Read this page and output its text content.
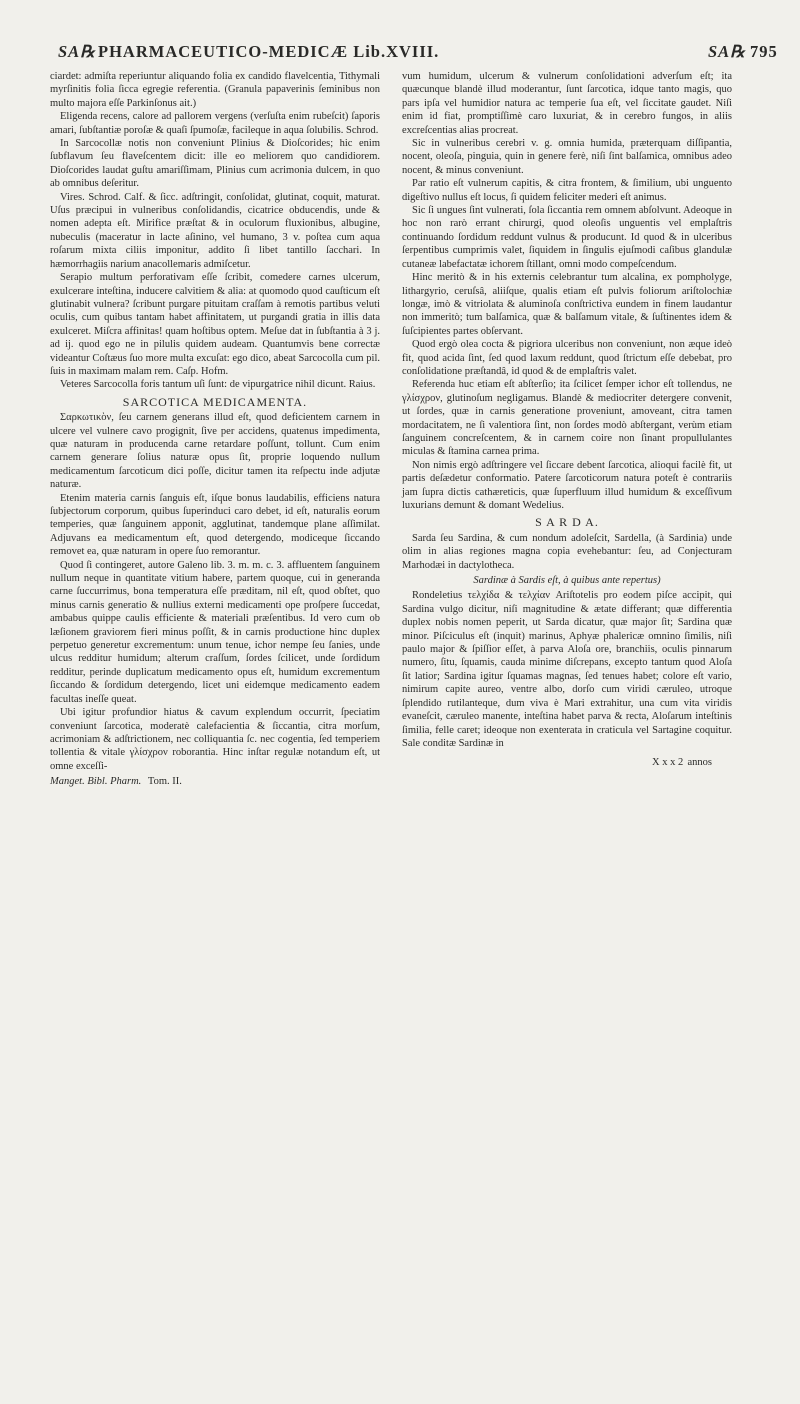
SA℞ PHARMACEUTICO-MEDICÆ Lib.XVIII.	SA℞ 795

ciardet: admiſta reperiuntur aliquando folia ex candido flavelcentia, Tithymali myrſinitis folia ſicca egregie referentia. (Granula papaverinis ſeminibus non multo majora eſſe Parkinſonus ait.)

Eligenda recens, calore ad pallorem vergens (verſuſta enim rubeſcit) ſaporis amari, ſubſtantiæ poroſæ & quaſi ſpumoſæ, facileque in aqua ſolubilis. Schrod.

In Sarcocollæ notis non conveniunt Plinius & Dioſcorides; hic enim ſubflavum ſeu flaveſcentem dicit: ille eo meliorem quo candidiorem. Dioſcorides laudat guſtu amariſſimam, Plinius cum acrimonia dulcem, in quo ab omnibus deſeritur.

Vires. Schrod. Calf. & ſicc. adſtringit, conſolidat, glutinat, coquit, maturat. Uſus præcipui in vulneribus conſolidandis, cicatrice obducendis, unde & nomen adepta eſt. Mirifice præſtat & in oculorum fluxionibus, albugine, nubeculis (maceratur in lacte aſinino, vel humano, 3 v. poſtea cum aqua roſarum mixta ciliis imponitur, addito ſi libet tantillo ſacchari. In hæmorrhagiis narium anacollemaris admiſcetur.

Serapio multum perforativam eſſe ſcribit, comedere carnes ulcerum, exulcerare inteſtina, inducere calvitiem & alia: at quomodo quod cauſticum eſt glutinabit vulnera? ſcribunt purgare pituitam craſſam à remotis partibus veluti oculis, cum quibus tantam habet affinitatem, ut purgandi gratia in illis data exulceret. Miſcra affinitas! quam hoſtibus optem. Meſue dat in ſubſtantia à 3 j. ad ij. quod ego ne in pilulis quidem audeam. Quantumvis bene correctæ videantur Coſtæus ſuo more multa excuſat: ego dico, abeat Sarcocolla cum pil. ſuis in maximam malam rem. Caſp. Hofm.

Veteres Sarcocolla foris tantum uſi ſunt: de vipurgatrice nihil dicunt. Raius.

SARCOTICA MEDICAMENTA.

Σαρκωτικὸν, ſeu carnem generans illud eſt, quod deficientem carnem in ulcere vel vulnere cavo progignit, ſive per accidens, quatenus impedimenta, quæ naturam in producenda carne retardare poſſunt, tollunt. Cum enim carnem generare ſolius naturæ opus ſit, proprie loquendo nullum medicamentum ſarcoticum dici poſſe, dicitur tamen ita reſpectu inde adjutæ naturæ.

Etenim materia carnis ſanguis eſt, iſque bonus laudabilis, efficiens natura ſubjectorum corporum, quibus ſuperinduci caro debet, id eſt, naturalis eorum temperies, quæ ſanguinem apponit, agglutinat, tandemque plane aſſimilat. Adjuvans ea medicamentum eſt, quod detergendo, modiceque ſiccando removet ea, quæ naturam in opere ſuo remorantur.

Quod ſi contingeret, autore Galeno lib. 3. m. m. c. 3. affluentem ſanguinem nullum neque in quantitate vitium habere, partem quoque, cui in generanda carne ſuccurrimus, bona temperatura eſſe præditam, nil eſt, quod obſtet, quo minus carnis generatio & nullius externi medicamenti ope proſpere ſuccedat, ambabus quippe caulis efficiente & materiali præſentibus. Id vero cum ob læſionem graviorem fieri minus poſſit, & in carnis productione hinc duplex perpetuo generetur excrementum: unum tenue, ichor nempe ſeu ſanies, unde ulcus redditur humidum; alterum craſſum, ſordes ſcilicet, unde ſordidum redditur, perinde duplicatum medicamento opus eſt, humidum excrementum ſiccando & ſordidum detergendo, licet uni eidemque medicamento eadem facultas ineſſe queat.

Ubi igitur profundior hiatus & cavum explendum occurrit, ſpeciatim conveniunt ſarcotica, moderatè calefacientia & ſiccantia, citra morſum, acrimoniam & adſtrictionem, nec colliquantia ſc. nec cogentia, ſed temperiem tollentia & vitale γλίσχρον roborantia. Hinc inſtar regulæ notandum eſt, ut omne exceſſi-

Manget. Bibl. Pharm. Tom. II.

vum humidum, ulcerum & vulnerum conſolidationi adverſum eſt; ita quæcunque blandè illud moderantur, ſunt ſarcotica, idque tanto magis, quo pars ipſa vel humidior natura ac temperie ſua eſt, vel ſiccitate gaudet. Niſi enim id fiat, promptiſſimè caro luxuriat, & in cerebro fungos, in aliis excreſcentias alias procreat.

Sic in vulneribus cerebri v. g. omnia humida, præterquam diſſipantia, nocent, oleoſa, pinguia, quin in genere ferè, niſi ſint balſamica, omnibus adeo nocent, & minus conveniunt.

Par ratio eſt vulnerum capitis, & citra frontem, & ſimilium, ubi unguento digeſtivo nullus eſt locus, ſi quidem feliciter mederi eſt animus.

Sic ſi ungues ſint vulnerati, ſola ſiccantia rem omnem abſolvunt. Adeoque in hoc non rarò errant chirurgi, quod oleoſis unguentis vel emplaſtris continuando ſordidum reddunt vulnus & producunt. Id quod & in ulceribus ſerpentibus cumprimis valet, ſiquidem in ſingulis ejuſmodi caſibus glandulæ cutaneæ labefactatæ ichorem ſtillant, omni modo compeſcendum.

Hinc meritò & in his externis celebrantur tum alcalina, ex pompholyge, lithargyrio, ceruſsâ, aliiſque, qualis etiam eſt pulvis foliorum ariſtolochiæ longæ, imò & vitriolata & aluminoſa conſtrictiva eundem in finem laudantur non immeritò; tum balſamica, quæ & balſamum vitale, & ſuſtinentes idem & ſuſcipientes partes obſervant.

Quod ergò olea cocta & pigriora ulceribus non conveniunt, non æque ideò fit, quod acida ſint, ſed quod laxum reddunt, quod ſtrictum eſſe debebat, pro conſolidatione præſtandâ, id quod & de emplaſtris valet.

Referenda huc etiam eſt abſterſio; ita ſcilicet ſemper ichor eſt tollendus, ne γλίσχρον, glutinoſum negligamus. Blandè & mediocriter detergere convenit, ut ſordes, quæ in carnis generatione proveniunt, amoveant, citra tamen mordacitatem, ne ſi valentiora ſint, non ſordes modò abſtergant, verùm etiam ſanguinem concreſcentem, & in carnem coire non ſinant propullulantes miculas & ſtamina carnea prima.

Non nimis ergò adſtringere vel ſiccare debent ſarcotica, alioqui facilè fit, ut partis deſædetur conformatio. Patere ſarcoticorum natura poteſt è contrariis jam ſupra dictis cathæreticis, quæ ſuperfluum illud humidum & exceſſivum luxurians demunt & domant Wedelius.

S A R D A.

Sarda ſeu Sardina, & cum nondum adoleſcit, Sardella, (à Sardinia) unde olim in alias regiones magna copia evehebantur: ſeu, ad Conjecturam Marhodæi in dactylotheca.

Sardinæ à Sardis eſt, à quibus ante repertus)

Rondeletius τελχίδα & τελχίαν Ariſtotelis pro eodem piſce accipit, qui Sardina vulgo dicitur, niſi magnitudine & ætate differant; quæ differentia duplex nobis nomen peperit, ut Sarda dicatur, quæ major ſit; Sardina quæ minor. Piſciculus eſt (inquit) marinus, Aphyæ phalericæ omnino ſimilis, niſi paulo major & ſpiſſior eſſet, à parva Aloſa ore, branchiis, oculis pinnarum numero, ſitu, ſquamis, cauda minime diſcrepans, excepto tantum quod Aloſa ſit latior; Sardina igitur ſquamas magnas, ſed tenues habet; colore eſt vario, nimirum capite aureo, ventre albo, dorſo cum viridi cæruleo, utroque ſplendido rutilanteque, dum viva è Mari extrahitur, una cum vita viridis evaneſcit, cæruleo manente, inteſtina habet parva & recta, Aloſarum inteſtinis ſimilia, felle caret; ideoque non exenterata in craticula vel Sartagine coquitur. Sale conditæ Sardinæ in

X x x 2 annos
